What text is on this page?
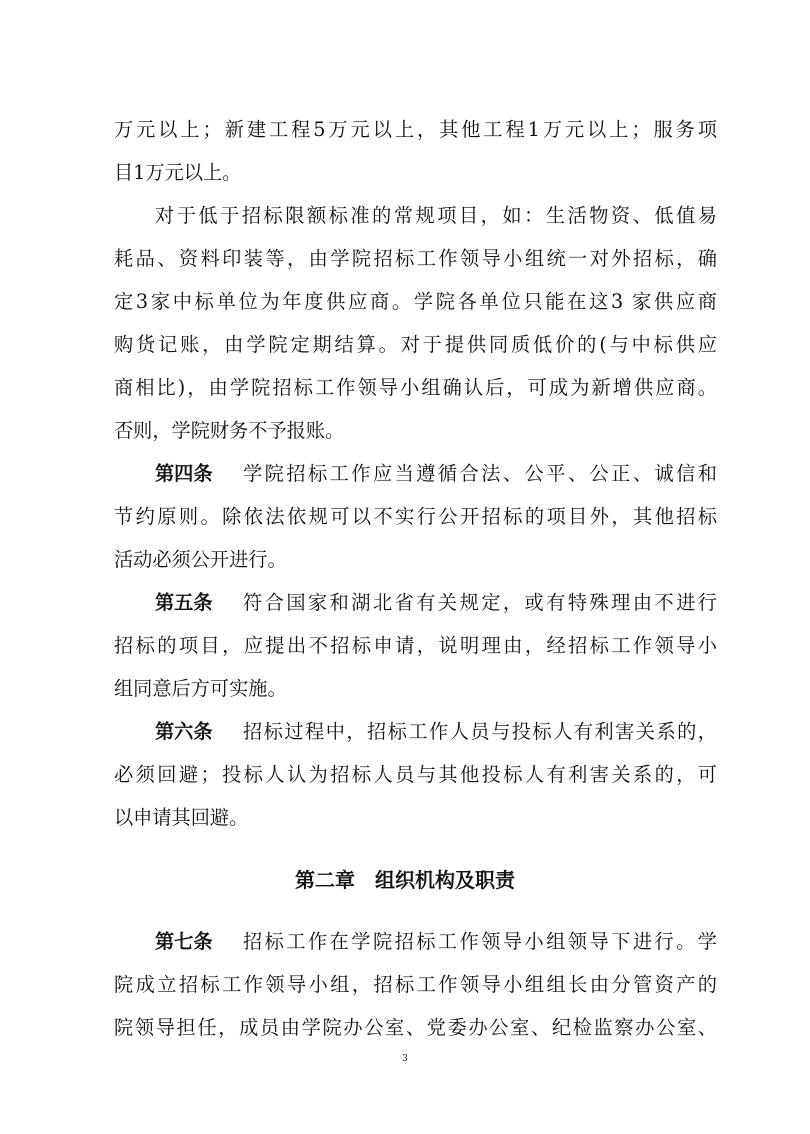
万元以上；新建工程5万元以上，其他工程1万元以上；服务项
目1万元以上。
对于低于招标限额标准的常规项目，如：生活物资、低值易
耗品、资料印装等，由学院招标工作领导小组统一对外招标，确
定3家中标单位为年度供应商。学院各单位只能在这3 家供应商
购货记账，由学院定期结算。对于提供同质低价的(与中标供应
商相比)，由学院招标工作领导小组确认后，可成为新增供应商。
否则，学院财务不予报账。
第四条 学院招标工作应当遵循合法、公平、公正、诚信和
节约原则。除依法依规可以不实行公开招标的项目外，其他招标
活动必须公开进行。
第五条 符合国家和湖北省有关规定，或有特殊理由不进行
招标的项目，应提出不招标申请，说明理由，经招标工作领导小
组同意后方可实施。
第六条 招标过程中，招标工作人员与投标人有利害关系的，
必须回避；投标人认为招标人员与其他投标人有利害关系的，可
以申请其回避。
第二章　组织机构及职责
第七条 招标工作在学院招标工作领导小组领导下进行。学
院成立招标工作领导小组，招标工作领导小组组长由分管资产的
院领导担任，成员由学院办公室、党委办公室、纪检监察办公室、
3
